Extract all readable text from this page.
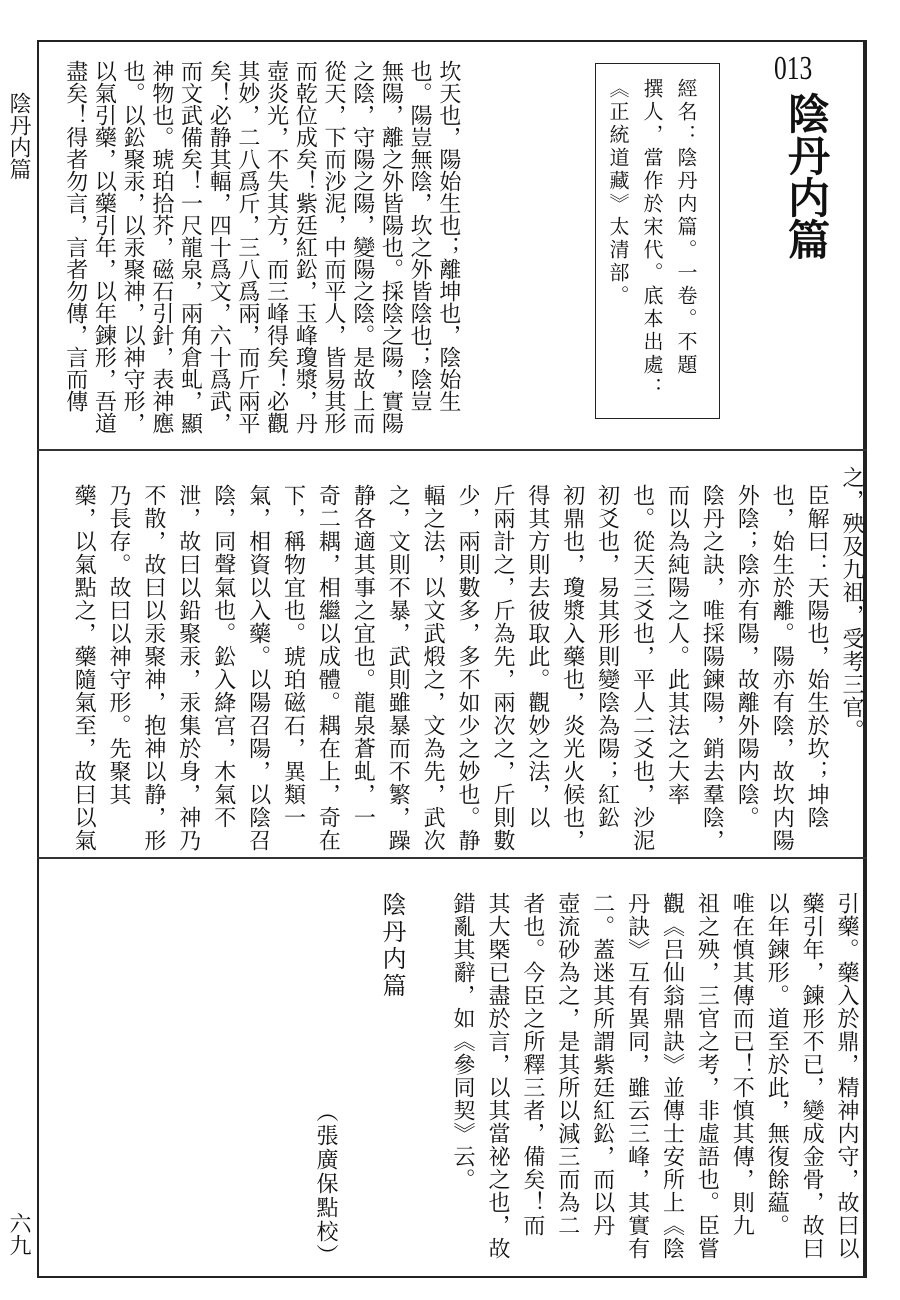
陰丹内篇
六九
013
陰丹内篇
經名：陰丹内篇。一卷。不題
撰人，當作於宋代。底本出處：
《正統道藏》太清部。
坎天也，陽始生也；離坤也，陰始生
也。陽豈無陰，坎之外皆陰也；陰豈
無陽，離之外皆陽也。採陰之陽，實陽
之陰，守陽之陽，變陽之陰。是故上而
從天，下而沙泥，中而平人，皆易其形
而乾位成矣！紫廷紅鈆，玉峰瓊漿，丹
壺炎光，不失其方，而三峰得矣！必觀
其妙，二八爲斤，三八爲兩，而斤兩平
矣！必静其輻，四十爲文，六十爲武，
而文武備矣！一尺龍泉，兩角倉虬，顯
神物也。琥珀拾芥，磁石引針，表神應
也。以鈆聚汞，以汞聚神，以神守形，
以氣引藥，以藥引年，以年鍊形，吾道
盡矣！得者勿言，言者勿傳，言而傳
之，殃及九祖，受考三官。
臣解曰：天陽也，始生於坎；坤陰
也，始生於離。陽亦有陰，故坎内陽
外陰；陰亦有陽，故離外陽内陰。
陰丹之訣，唯採陽鍊陽，銷去羣陰，
而以為純陽之人。此其法之大率
也。從天三爻也，平人二爻也，沙泥
初爻也，易其形則變陰為陽；紅鈆
初鼎也，瓊漿入藥也，炎光火候也，
得其方則去彼取此。觀妙之法，以
斤兩計之，斤為先，兩次之，斤則數
少，兩則數多，多不如少之妙也。静
輻之法，以文武煅之，文為先，武次
之，文則不暴，武則雖暴而不繁，躁
静各適其事之宜也。龍泉蒼虬，一
奇二耦，相繼以成體。耦在上，奇在
下，稱物宜也。琥珀磁石，異類一
氣，相資以入藥。以陽召陽，以陰召
陰，同聲氣也。鈆入絳宫，木氣不
泄，故曰以鉛聚汞，汞集於身，神乃
不散，故曰以汞聚神，抱神以静，形
乃長存。故曰以神守形。先聚其
藥，以氣點之，藥隨氣至，故曰以氣
引藥。藥入於鼎，精神内守，故曰以
藥引年，鍊形不已，變成金骨，故曰
以年鍊形。道至於此，無復餘藴。
唯在慎其傳而已！不慎其傳，則九
祖之殃，三官之考，非虛語也。臣嘗
觀《吕仙翁鼎訣》並傳士安所上《陰
丹訣》互有異同，雖云三峰，其實有
二。蓋迷其所謂紫廷紅鈆，而以丹
壺流砂為之，是其所以減三而為二
者也。今臣之所釋三者，備矣！而
其大槩已盡於言，以其當祕之也，故
錯亂其辭，如《參同契》云。
陰丹内篇
（張廣保點校）
